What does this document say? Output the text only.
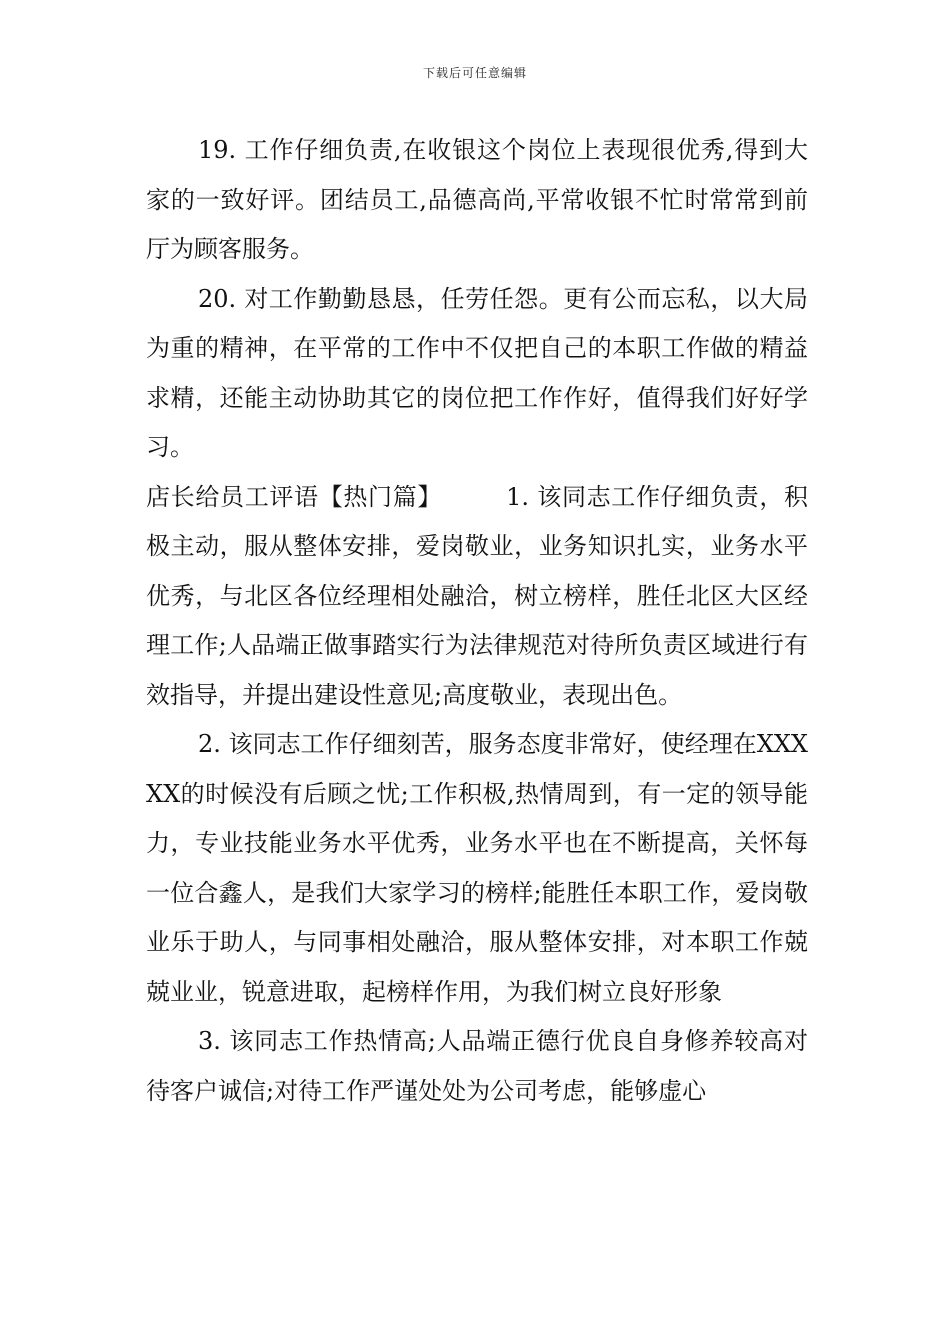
下载后可任意编辑

19. 工作仔细负责,在收银这个岗位上表现很优秀,得到大家的一致好评。团结员工,品德高尚,平常收银不忙时常常到前厅为顾客服务。

20. 对工作勤勤恳恳，任劳任怨。更有公而忘私，以大局为重的精神，在平常的工作中不仅把自己的本职工作做的精益求精，还能主动协助其它的岗位把工作作好，值得我们好好学习。

店长给员工评语【热门篇】	1. 该同志工作仔细负责，积极主动，服从整体安排，爱岗敬业，业务知识扎实，业务水平优秀，与北区各位经理相处融洽，树立榜样，胜任北区大区经理工作;人品端正做事踏实行为法律规范对待所负责区域进行有效指导，并提出建设性意见;高度敬业，表现出色。

2. 该同志工作仔细刻苦，服务态度非常好，使经理在XXXXX的时候没有后顾之忧;工作积极,热情周到，有一定的领导能力，专业技能业务水平优秀，业务水平也在不断提高，关怀每一位合鑫人，是我们大家学习的榜样;能胜任本职工作，爱岗敬业乐于助人，与同事相处融洽，服从整体安排，对本职工作兢兢业业，锐意进取，起榜样作用，为我们树立良好形象

3. 该同志工作热情高;人品端正德行优良自身修养较高对待客户诚信;对待工作严谨处处为公司考虑，能够虚心
